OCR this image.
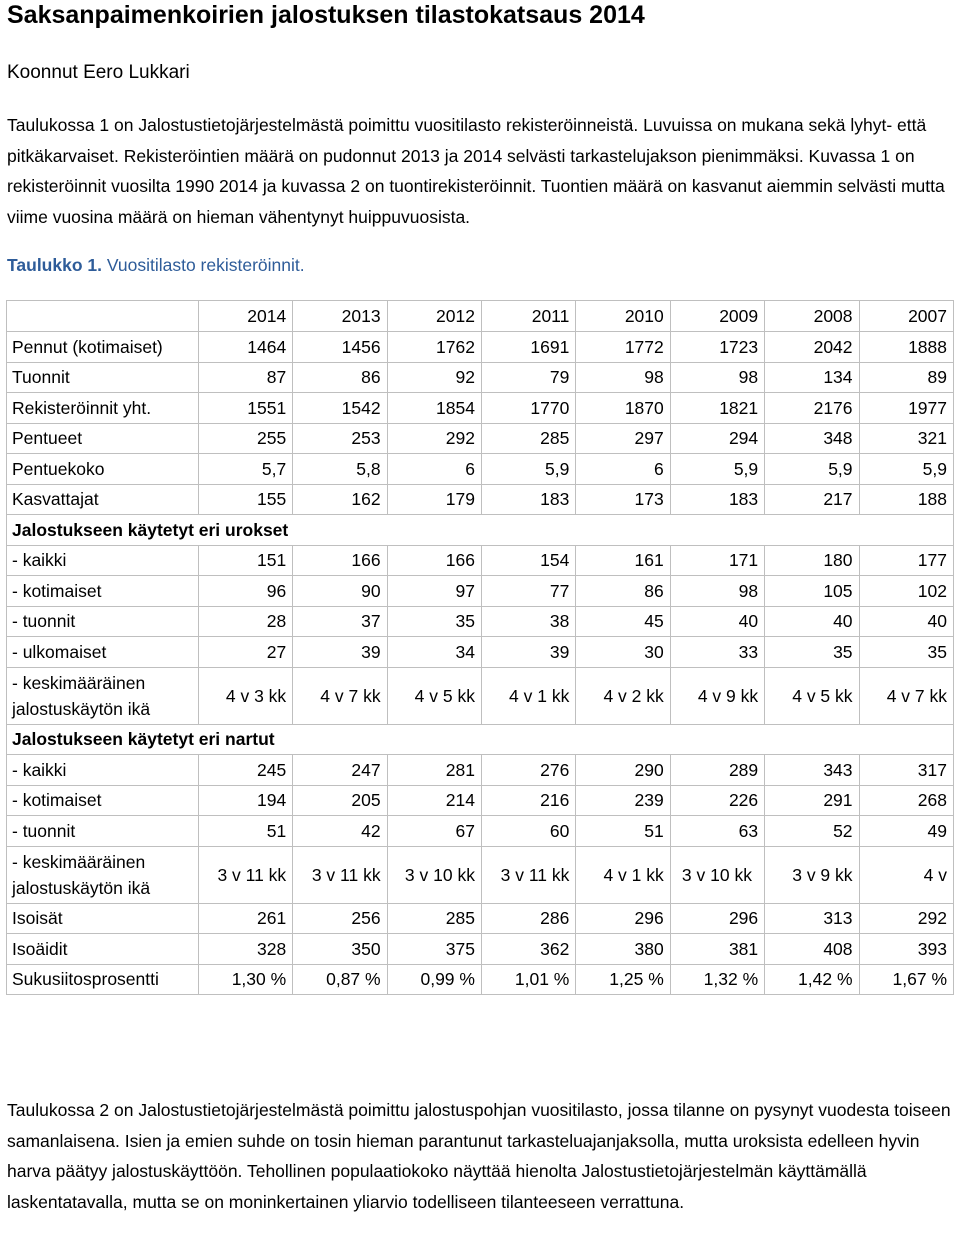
Saksanpaimenkoirien jalostuksen tilastokatsaus 2014
Koonnut Eero Lukkari

Taulukossa 1 on Jalostustietojärjestelmästä poimittu vuositilasto rekisteröinneistä. Luvuissa on mukana sekä lyhyt- että pitkäkarvaiset. Rekisteröintien määrä on pudonnut 2013 ja 2014 selvästi tarkastelujakson pienimmäksi. Kuvassa 1 on rekisteröinnit vuosilta 1990 2014 ja kuvassa 2 on tuontirekisteröinnit. Tuontien määrä on kasvanut aiemmin selvästi mutta viime vuosina määrä on hieman vähentynyt huippuvuosista.

Taulukko 1. Vuositilasto rekisteröinnit.
	2014	2013	2012	2011	2010	2009	2008	2007
Pennut (kotimaiset)	1464	1456	1762	1691	1772	1723	2042	1888
Tuonnit	87	86	92	79	98	98	134	89
Rekisteröinnit yht.	1551	1542	1854	1770	1870	1821	2176	1977
Pentueet	255	253	292	285	297	294	348	321
Pentuekoko	5,7	5,8	6	5,9	6	5,9	5,9	5,9
Kasvattajat	155	162	179	183	173	183	217	188
Jalostukseen käytetyt eri urokset								
- kaikki	151	166	166	154	161	171	180	177
- kotimaiset	96	90	97	77	86	98	105	102
- tuonnit	28	37	35	38	45	40	40	40
- ulkomaiset	27	39	34	39	30	33	35	35
- keskimääräinen jalostuskäytön ikä	4 v 3 kk	4 v 7 kk	4 v 5 kk	4 v 1 kk	4 v 2 kk	4 v 9 kk	4 v 5 kk	4 v 7 kk
Jalostukseen käytetyt eri nartut								
- kaikki	245	247	281	276	290	289	343	317
- kotimaiset	194	205	214	216	239	226	291	268
- tuonnit	51	42	67	60	51	63	52	49
- keskimääräinen jalostuskäytön ikä	3 v 11 kk	3 v 11 kk	3 v 10 kk	3 v 11 kk	4 v 1 kk	3 v 10 kk	3 v 9 kk	4 v
Isoisät	261	256	285	286	296	296	313	292
Isoäidit	328	350	375	362	380	381	408	393
Sukusiitosprosentti	1,30 %	0,87 %	0,99 %	1,01 %	1,25 %	1,32 %	1,42 %	1,67 %

Taulukossa 2 on Jalostustietojärjestelmästä poimittu jalostuspohjan vuositilasto, jossa tilanne on pysynyt vuodesta toiseen samanlaisena. Isien ja emien suhde on tosin hieman parantunut tarkasteluajanjaksolla, mutta uroksista edelleen hyvin harva päätyy jalostuskäyttöön. Tehollinen populaatiokoko näyttää hienolta Jalostustietojärjestelmän käyttämällä laskentatavalla, mutta se on moninkertainen yliarvio todelliseen tilanteeseen verrattuna.
